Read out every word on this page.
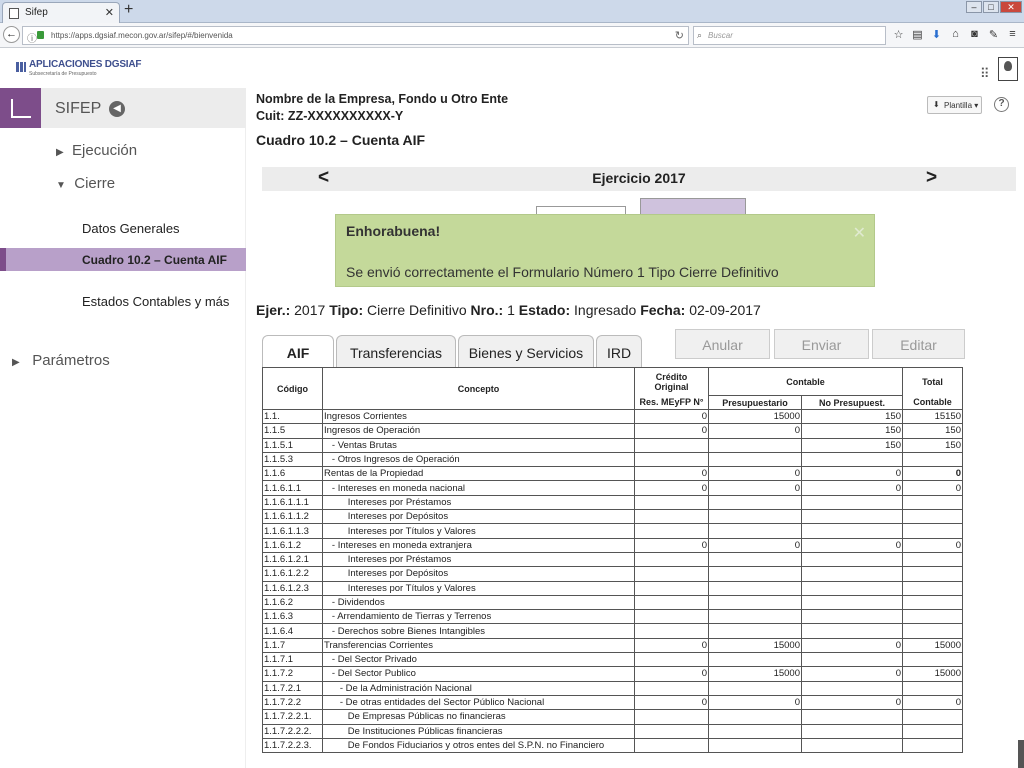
Sifep	✕ +	–	□	✕
←	ⓘ https://apps.dgsiaf.mecon.gov.ar/sifep/#/bienvenida	↻ ⌕ Buscar	☆ ▤ ⬇ ⌂ ◙ ✎ ≡
APLICACIONES DGSIAF
Subsecretaría de Presupuesto	⠿
SIFEP	◀
▶ Ejecución
▼ Cierre
Datos Generales
Cuadro 10.2 – Cuenta AIF
Estados Contables y más
▶ Parámetros
Nombre de la Empresa, Fondo u Otro Ente
Cuit: ZZ-XXXXXXXXXX-Y
⬇ Plantilla ▾	?
Cuadro 10.2 – Cuenta AIF
Ejercicio 2017
<	>
Enhorabuena!	✕
Se envió correctamente el Formulario Número 1 Tipo Cierre Definitivo
Ejer.: 2017 Tipo: Cierre Definitivo Nro.: 1 Estado: Ingresado Fecha: 02-09-2017
AIF	Transferencias	Bienes y Servicios	IRD	Anular	Enviar	Editar
Código	Concepto	Crédito
Original	Contable		Total
		Res. MEyFP N°	Presupuestario	No Presupuest.	Contable
1.1.	Ingresos Corrientes	0	15000	150	15150
1.1.5	Ingresos de Operación	0	0	150	150
1.1.5.1	- Ventas Brutas			150	150
1.1.5.3	- Otros Ingresos de Operación				
1.1.6	Rentas de la Propiedad	0	0	0	0
1.1.6.1.1	- Intereses en moneda nacional	0	0	0	0
1.1.6.1.1.1	Intereses por Préstamos				
1.1.6.1.1.2	Intereses por Depósitos				
1.1.6.1.1.3	Intereses por Títulos y Valores				
1.1.6.1.2	- Intereses en moneda extranjera	0	0	0	0
1.1.6.1.2.1	Intereses por Préstamos				
1.1.6.1.2.2	Intereses por Depósitos				
1.1.6.1.2.3	Intereses por Títulos y Valores				
1.1.6.2	- Dividendos				
1.1.6.3	- Arrendamiento de Tierras y Terrenos				
1.1.6.4	- Derechos sobre Bienes Intangibles				
1.1.7	Transferencias Corrientes	0	15000	0	15000
1.1.7.1	- Del Sector Privado				
1.1.7.2	- Del Sector Publico	0	15000	0	15000
1.1.7.2.1	- De la Administración Nacional				
1.1.7.2.2	- De otras entidades del Sector Público Nacional	0	0	0	0
1.1.7.2.2.1.	De Empresas Públicas no financieras				
1.1.7.2.2.2.	De Instituciones Públicas financieras				
1.1.7.2.2.3.	De Fondos Fiduciarios y otros entes del S.P.N. no Financiero				
